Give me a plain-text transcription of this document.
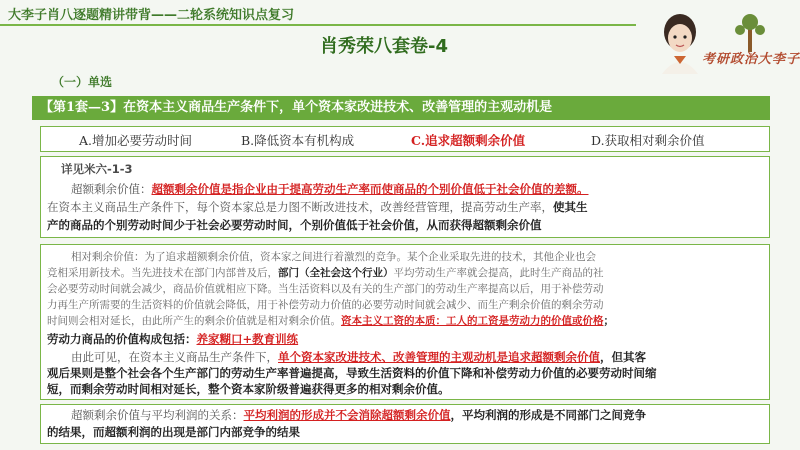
大李子肖八逐题精讲带背——二轮系统知识点复习
肖秀荣八套卷-4
考研政治大李子
（一）单选
【第1套—3】在资本主义商品生产条件下，单个资本家改进技术、改善管理的主观动机是
A.增加必要劳动时间	B.降低资本有机构成	C.追求超额剩余价值	D.获取相对剩余价值
详见米六-1-3
超额剩余价值：超额剩余价值是指企业由于提高劳动生产率而使商品的个别价值低于社会价值的差额。
在资本主义商品生产条件下，每个资本家总是力图不断改进技术，改善经营管理，提高劳动生产率，使其生
产的商品的个别劳动时间少于社会必要劳动时间，个别价值低于社会价值，从而获得超额剩余价值
相对剩余价值：为了追求超额剩余价值，资本家之间进行着激烈的竞争。某个企业采取先进的技术，其他企业也会
竞相采用新技术。当先进技术在部门内部普及后，部门（全社会这个行业）平均劳动生产率就会提高，此时生产商品的社
会必要劳动时间就会减少，商品价值就相应下降。当生活资料以及有关的生产部门的劳动生产率提高以后，用于补偿劳动
力再生产所需要的生活资料的价值就会降低，用于补偿劳动力价值的必要劳动时间就会减少、而生产剩余价值的剩余劳动
时间则会相对延长，由此所产生的剩余价值就是相对剩余价值。资本主义工资的本质：工人的工资是劳动力的价值或价格；
劳动力商品的价值构成包括：养家糊口+教育训练
由此可见，在资本主义商品生产条件下，单个资本家改进技术、改善管理的主观动机是追求超额剩余价值，但其客
观后果则是整个社会各个生产部门的劳动生产率普遍提高，导致生活资料的价值下降和补偿劳动力价值的必要劳动时间缩
短，而剩余劳动时间相对延长，整个资本家阶级普遍获得更多的相对剩余价值。
超额剩余价值与平均利润的关系：平均利润的形成并不会消除超额剩余价值，平均利润的形成是不同部门之间竞争
的结果，而超额利润的出现是部门内部竞争的结果
